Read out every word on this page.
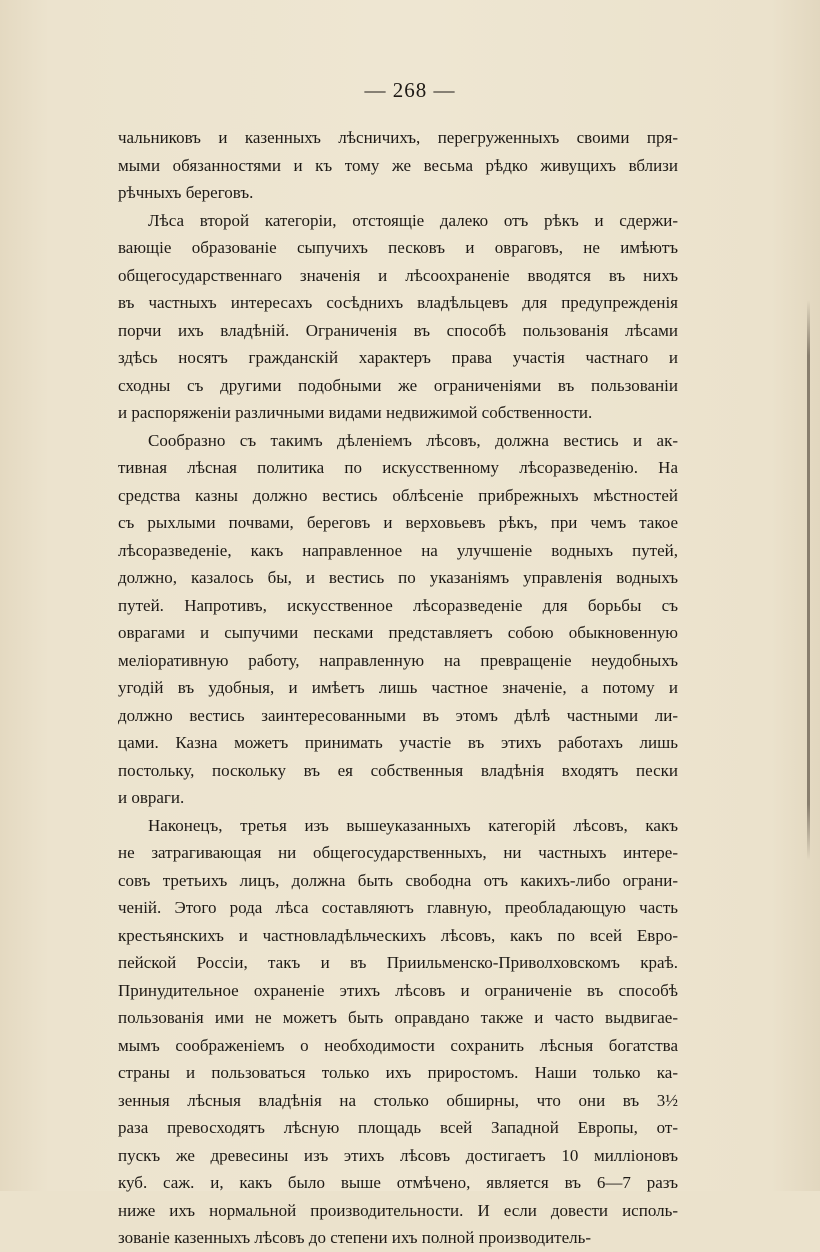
— 268 —
чальниковъ и казенныхъ лѣсничихъ, перегруженныхъ своими пря-
мыми обязанностями и къ тому же весьма рѣдко живущихъ вблизи
рѣчныхъ береговъ.
Лѣса второй категоріи, отстоящіе далеко отъ рѣкъ и сдержи-
вающіе образованіе сыпучихъ песковъ и овраговъ, не имѣютъ
общегосударственнаго значенія и лѣсоохраненіе вводятся въ нихъ
въ частныхъ интересахъ сосѣднихъ владѣльцевъ для предупрежденія
порчи ихъ владѣній. Ограниченія въ способѣ пользованія лѣсами
здѣсь носятъ гражданскій характеръ права участія частнаго и
сходны съ другими подобными же ограниченіями въ пользованіи
и распоряженіи различными видами недвижимой собственности.
Сообразно съ такимъ дѣленіемъ лѣсовъ, должна вестись и ак-
тивная лѣсная политика по искусственному лѣсоразведенію. На
средства казны должно вестись облѣсеніе прибрежныхъ мѣстностей
съ рыхлыми почвами, береговъ и верховьевъ рѣкъ, при чемъ такое
лѣсоразведеніе, какъ направленное на улучшеніе водныхъ путей,
должно, казалось бы, и вестись по указаніямъ управленія водныхъ
путей. Напротивъ, искусственное лѣсоразведеніе для борьбы съ
оврагами и сыпучими песками представляетъ собою обыкновенную
меліоративную работу, направленную на превращеніе неудобныхъ
угодій въ удобныя, и имѣетъ лишь частное значеніе, а потому и
должно вестись заинтересованными въ этомъ дѣлѣ частными ли-
цами. Казна можетъ принимать участіе въ этихъ работахъ лишь
постольку, поскольку въ ея собственныя владѣнія входятъ пески
и овраги.
Наконецъ, третья изъ вышеуказанныхъ категорій лѣсовъ, какъ
не затрагивающая ни общегосударственныхъ, ни частныхъ интере-
совъ третьихъ лицъ, должна быть свободна отъ какихъ-либо ограни-
ченій. Этого рода лѣса составляютъ главную, преобладающую часть
крестьянскихъ и частновладѣльческихъ лѣсовъ, какъ по всей Евро-
пейской Россіи, такъ и въ Приильменско-Приволховскомъ краѣ.
Принудительное охраненіе этихъ лѣсовъ и ограниченіе въ способѣ
пользованія ими не можетъ быть оправдано также и часто выдвигае-
мымъ соображеніемъ о необходимости сохранить лѣсныя богатства
страны и пользоваться только ихъ приростомъ. Наши только ка-
зенныя лѣсныя владѣнія на столько обширны, что они въ 3½
раза превосходятъ лѣсную площадь всей Западной Европы, от-
пускъ же древесины изъ этихъ лѣсовъ достигаетъ 10 милліоновъ
куб. саж. и, какъ было выше отмѣчено, является въ 6—7 разъ
ниже ихъ нормальной производительности. И если довести исполь-
зованіе казенныхъ лѣсовъ до степени ихъ полной производитель-
